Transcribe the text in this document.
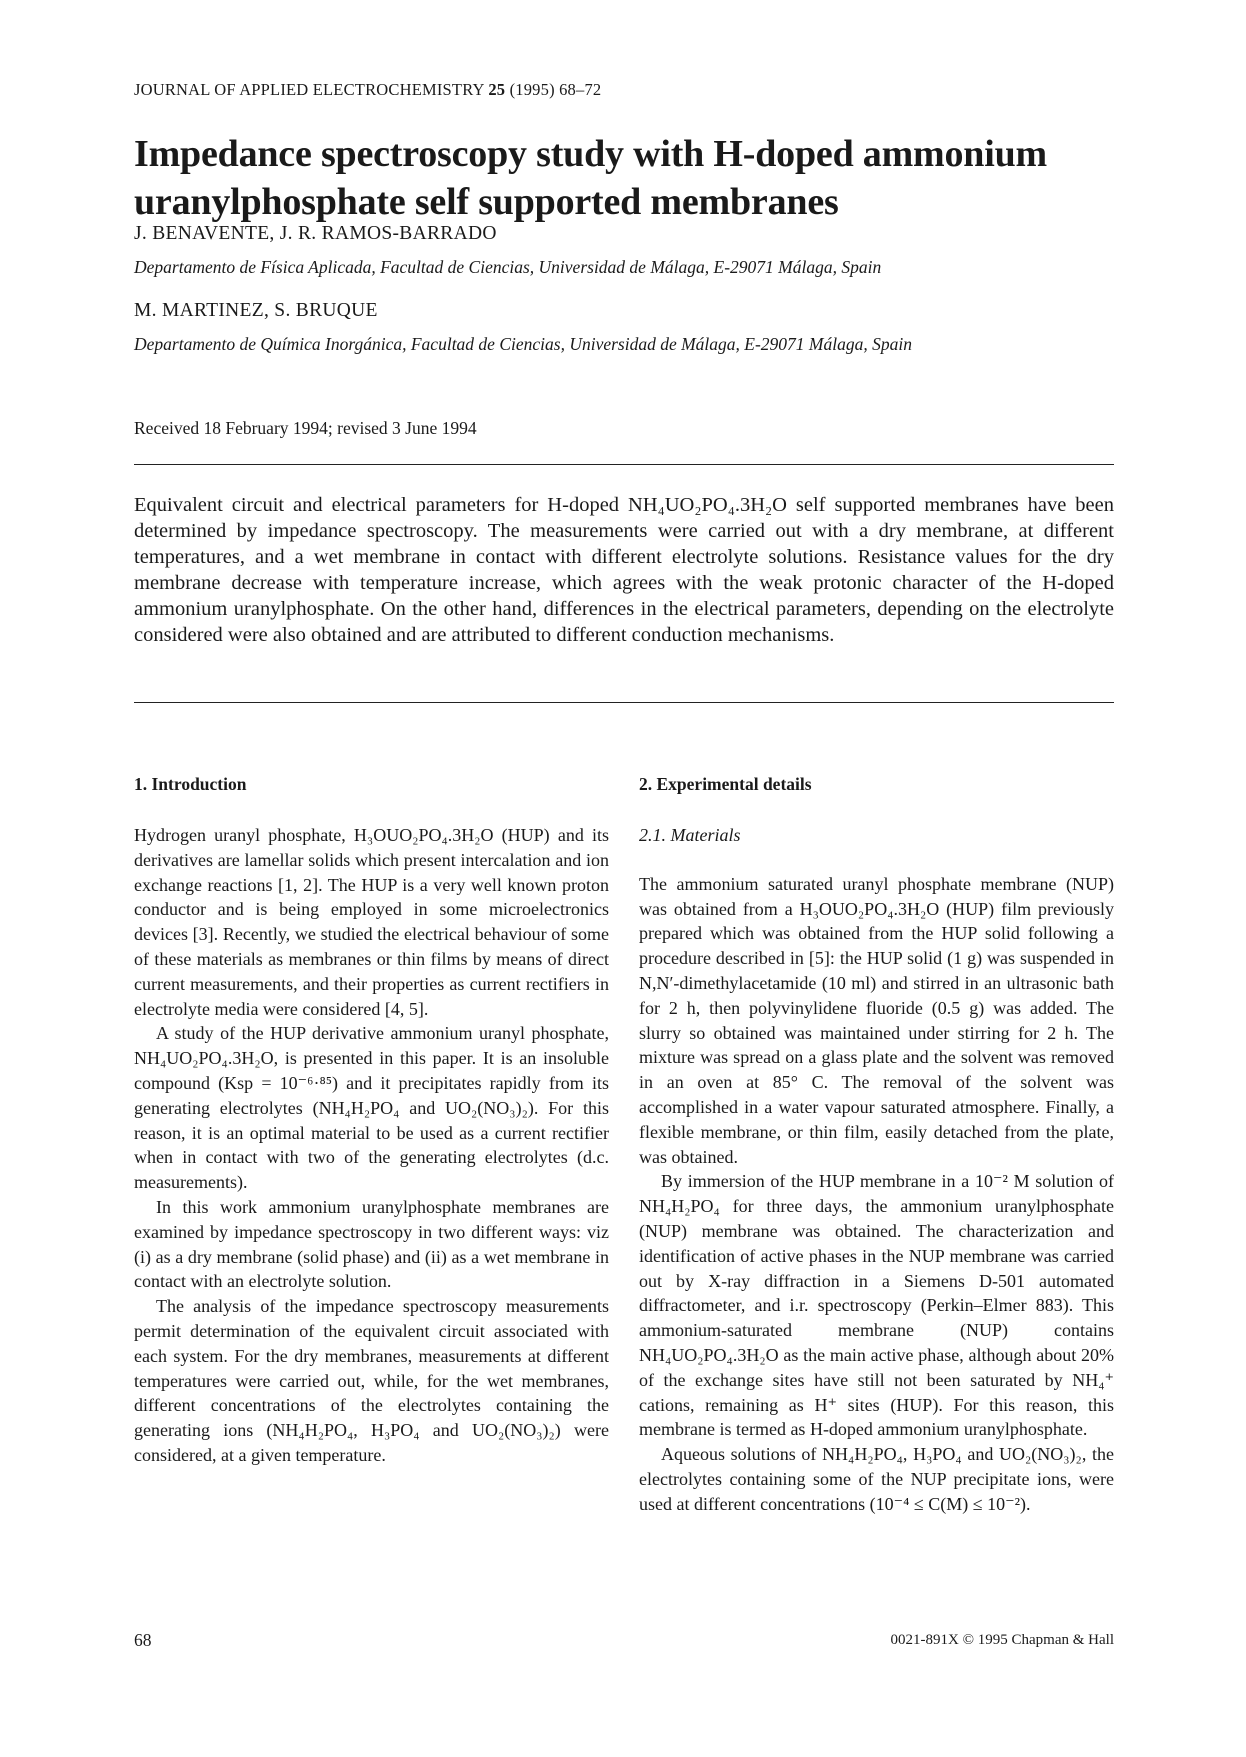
JOURNAL OF APPLIED ELECTROCHEMISTRY 25 (1995) 68–72
Impedance spectroscopy study with H-doped ammonium uranylphosphate self supported membranes
J. BENAVENTE, J. R. RAMOS-BARRADO
Departamento de Física Aplicada, Facultad de Ciencias, Universidad de Málaga, E-29071 Málaga, Spain
M. MARTINEZ, S. BRUQUE
Departamento de Química Inorgánica, Facultad de Ciencias, Universidad de Málaga, E-29071 Málaga, Spain
Received 18 February 1994; revised 3 June 1994

Equivalent circuit and electrical parameters for H-doped NH₄UO₂PO₄.3H₂O self supported membranes have been determined by impedance spectroscopy. The measurements were carried out with a dry membrane, at different temperatures, and a wet membrane in contact with different electrolyte solutions. Resistance values for the dry membrane decrease with temperature increase, which agrees with the weak protonic character of the H-doped ammonium uranylphosphate. On the other hand, differences in the electrical parameters, depending on the electrolyte considered were also obtained and are attributed to different conduction mechanisms.

1. Introduction

Hydrogen uranyl phosphate, H₃OUO₂PO₄.3H₂O (HUP) and its derivatives are lamellar solids which present intercalation and ion exchange reactions [1, 2]. The HUP is a very well known proton conductor and is being employed in some microelectronics devices [3]. Recently, we studied the electrical behaviour of some of these materials as membranes or thin films by means of direct current measurements, and their properties as current rectifiers in electrolyte media were considered [4, 5].

A study of the HUP derivative ammonium uranyl phosphate, NH₄UO₂PO₄.3H₂O, is presented in this paper. It is an insoluble compound (Ksp = 10⁻⁶·⁸⁵) and it precipitates rapidly from its generating electrolytes (NH₄H₂PO₄ and UO₂(NO₃)₂). For this reason, it is an optimal material to be used as a current rectifier when in contact with two of the generating electrolytes (d.c. measurements).

In this work ammonium uranylphosphate membranes are examined by impedance spectroscopy in two different ways: viz (i) as a dry membrane (solid phase) and (ii) as a wet membrane in contact with an electrolyte solution.

The analysis of the impedance spectroscopy measurements permit determination of the equivalent circuit associated with each system. For the dry membranes, measurements at different temperatures were carried out, while, for the wet membranes, different concentrations of the electrolytes containing the generating ions (NH₄H₂PO₄, H₃PO₄ and UO₂(NO₃)₂) were considered, at a given temperature.

2. Experimental details
2.1. Materials

The ammonium saturated uranyl phosphate membrane (NUP) was obtained from a H₃OUO₂PO₄.3H₂O (HUP) film previously prepared which was obtained from the HUP solid following a procedure described in [5]: the HUP solid (1 g) was suspended in N,N′-dimethylacetamide (10 ml) and stirred in an ultrasonic bath for 2 h, then polyvinylidene fluoride (0.5 g) was added. The slurry so obtained was maintained under stirring for 2 h. The mixture was spread on a glass plate and the solvent was removed in an oven at 85° C. The removal of the solvent was accomplished in a water vapour saturated atmosphere. Finally, a flexible membrane, or thin film, easily detached from the plate, was obtained.

By immersion of the HUP membrane in a 10⁻² M solution of NH₄H₂PO₄ for three days, the ammonium uranylphosphate (NUP) membrane was obtained. The characterization and identification of active phases in the NUP membrane was carried out by X-ray diffraction in a Siemens D-501 automated diffractometer, and i.r. spectroscopy (Perkin–Elmer 883). This ammonium-saturated membrane (NUP) contains NH₄UO₂PO₄.3H₂O as the main active phase, although about 20% of the exchange sites have still not been saturated by NH₄⁺ cations, remaining as H⁺ sites (HUP). For this reason, this membrane is termed as H-doped ammonium uranylphosphate.

Aqueous solutions of NH₄H₂PO₄, H₃PO₄ and UO₂(NO₃)₂, the electrolytes containing some of the NUP precipitate ions, were used at different concentrations (10⁻⁴ ≤ C(M) ≤ 10⁻²).

68	0021-891X © 1995 Chapman & Hall
